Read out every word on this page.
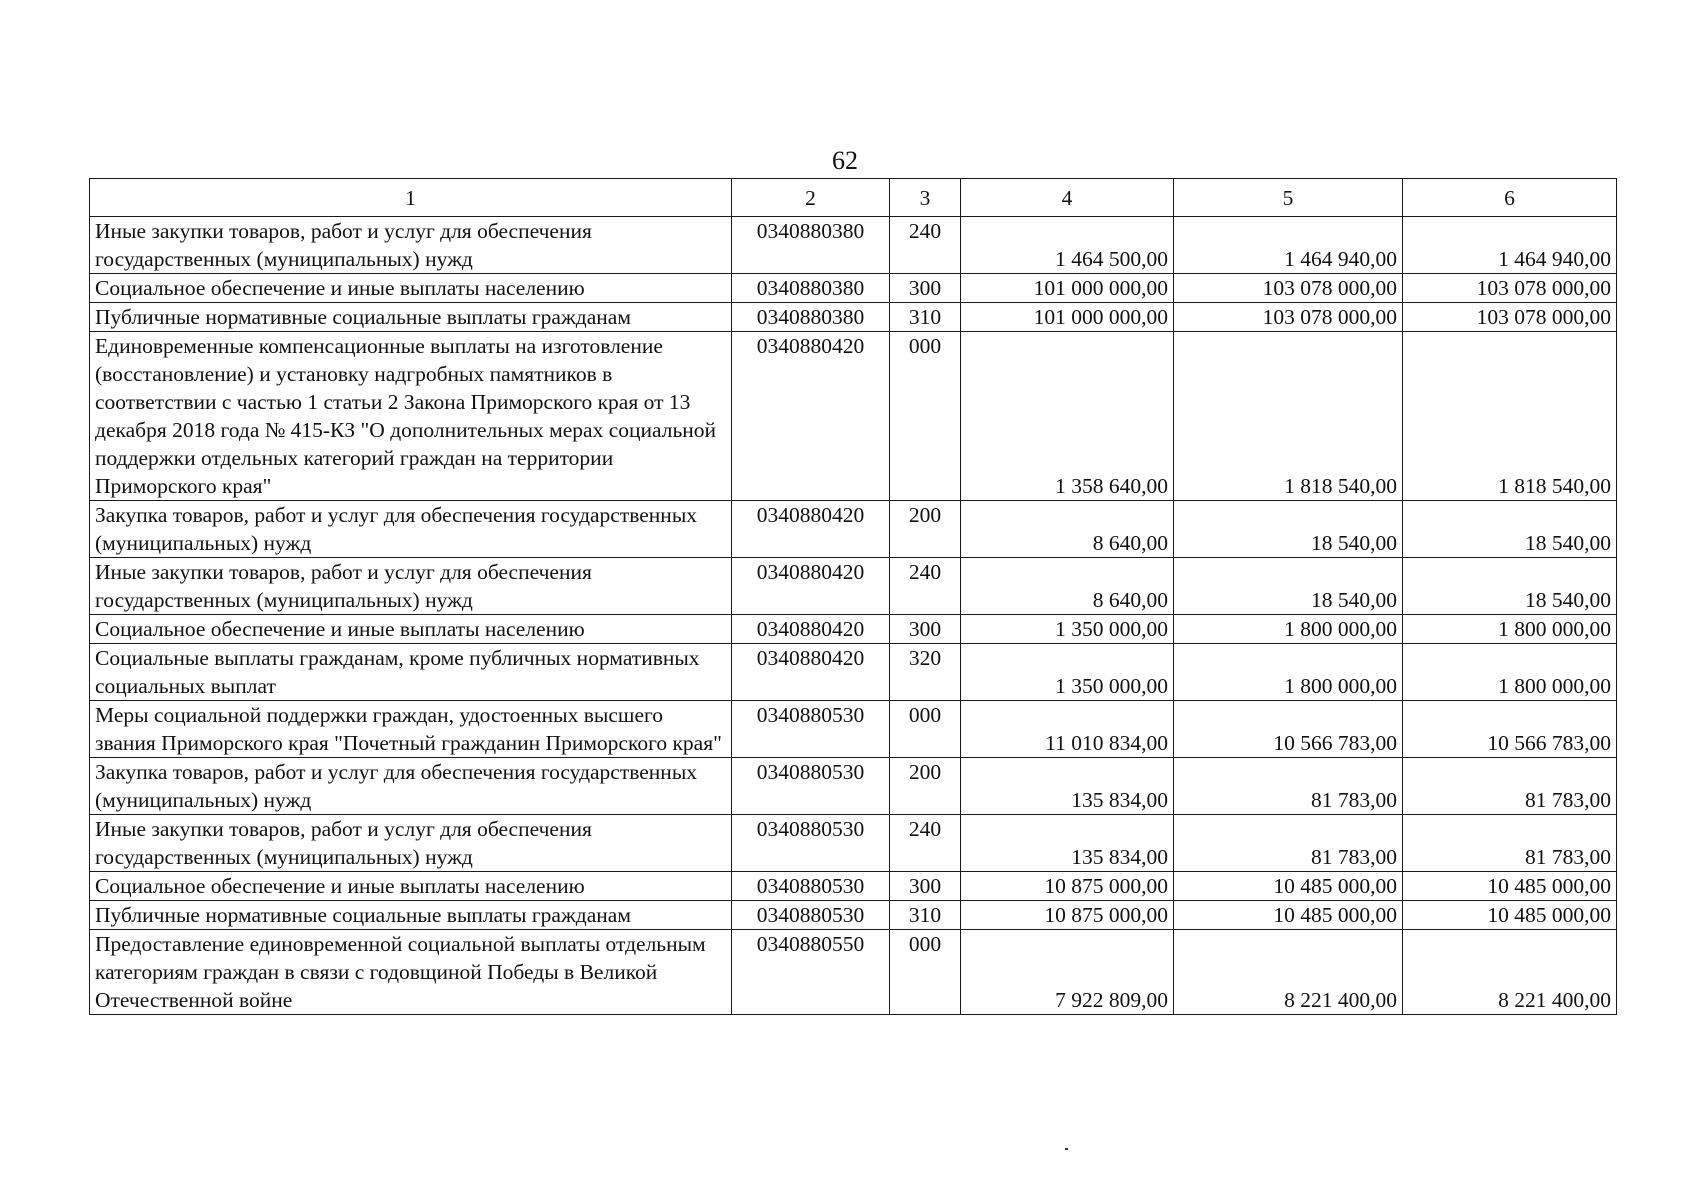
62
1	2	3	4	5	6
Иные закупки товаров, работ и услуг для обеспечения государственных (муниципальных) нужд	0340880380	240	1 464 500,00	1 464 940,00	1 464 940,00
Социальное обеспечение и иные выплаты населению	0340880380	300	101 000 000,00	103 078 000,00	103 078 000,00
Публичные нормативные социальные выплаты гражданам	0340880380	310	101 000 000,00	103 078 000,00	103 078 000,00
Единовременные компенсационные выплаты на изготовление (восстановление) и установку надгробных памятников в соответствии с частью 1 статьи 2 Закона Приморского края от 13 декабря 2018 года № 415-КЗ "О дополнительных мерах социальной поддержки отдельных категорий граждан на территории Приморского края"	0340880420	000	1 358 640,00	1 818 540,00	1 818 540,00
Закупка товаров, работ и услуг для обеспечения государственных (муниципальных) нужд	0340880420	200	8 640,00	18 540,00	18 540,00
Иные закупки товаров, работ и услуг для обеспечения государственных (муниципальных) нужд	0340880420	240	8 640,00	18 540,00	18 540,00
Социальное обеспечение и иные выплаты населению	0340880420	300	1 350 000,00	1 800 000,00	1 800 000,00
Социальные выплаты гражданам, кроме публичных нормативных социальных выплат	0340880420	320	1 350 000,00	1 800 000,00	1 800 000,00
Меры социальной поддержки граждан, удостоенных высшего звания Приморского края "Почетный гражданин Приморского края"	0340880530	000	11 010 834,00	10 566 783,00	10 566 783,00
Закупка товаров, работ и услуг для обеспечения государственных (муниципальных) нужд	0340880530	200	135 834,00	81 783,00	81 783,00
Иные закупки товаров, работ и услуг для обеспечения государственных (муниципальных) нужд	0340880530	240	135 834,00	81 783,00	81 783,00
Социальное обеспечение и иные выплаты населению	0340880530	300	10 875 000,00	10 485 000,00	10 485 000,00
Публичные нормативные социальные выплаты гражданам	0340880530	310	10 875 000,00	10 485 000,00	10 485 000,00
Предоставление единовременной социальной выплаты отдельным категориям граждан в связи с годовщиной Победы в Великой Отечественной войне	0340880550	000	7 922 809,00	8 221 400,00	8 221 400,00
